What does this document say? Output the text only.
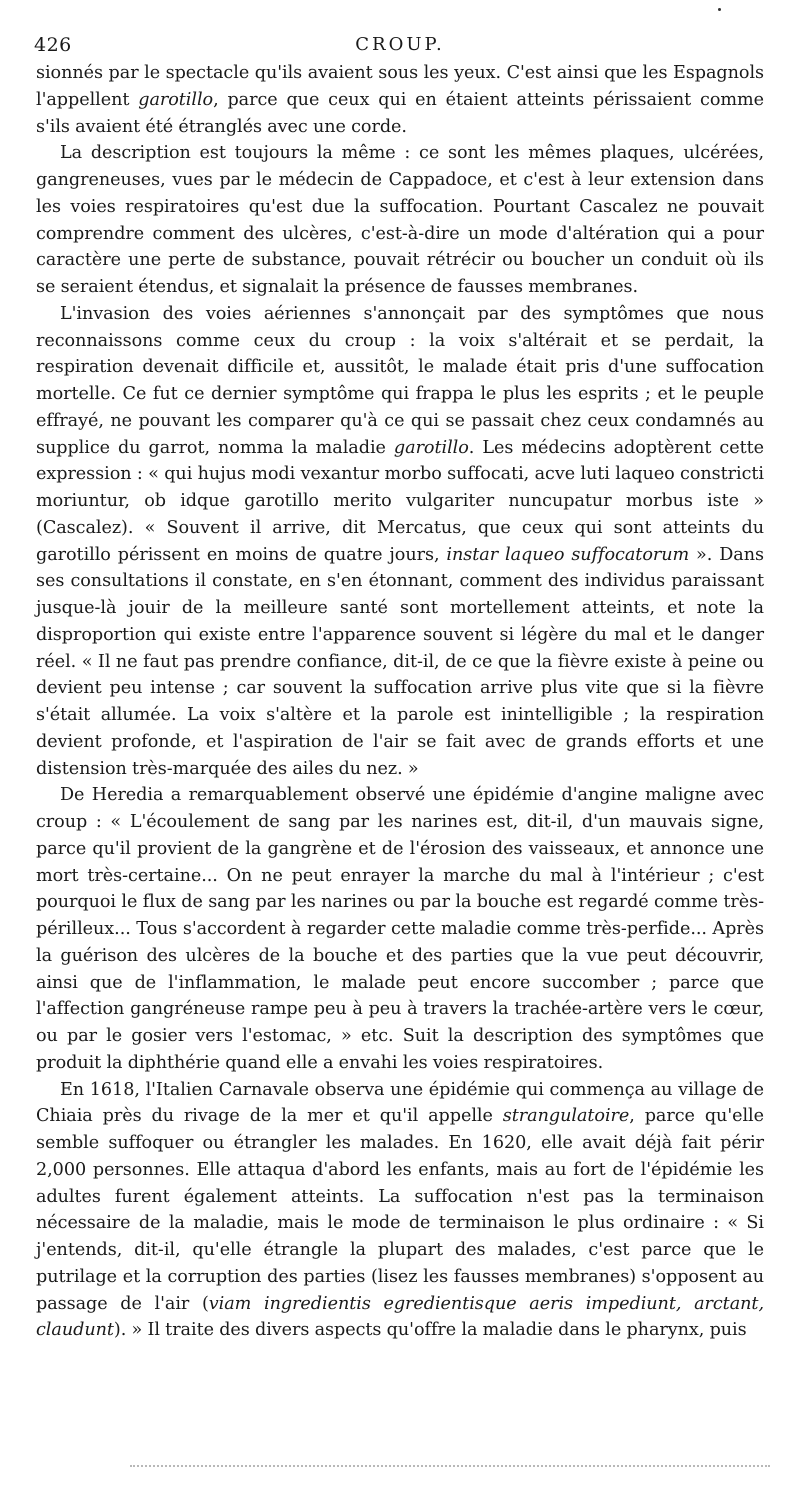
426	CROUP.

sionnés par le spectacle qu'ils avaient sous les yeux. C'est ainsi que les Espagnols l'appellent garotillo, parce que ceux qui en étaient atteints périssaient comme s'ils avaient été étranglés avec une corde.

La description est toujours la même : ce sont les mêmes plaques, ulcérées, gangreneuses, vues par le médecin de Cappadoce, et c'est à leur extension dans les voies respiratoires qu'est due la suffocation. Pourtant Cascalez ne pouvait comprendre comment des ulcères, c'est-à-dire un mode d'altération qui a pour caractère une perte de substance, pouvait rétrécir ou boucher un conduit où ils se seraient étendus, et signalait la présence de fausses membranes.

L'invasion des voies aériennes s'annonçait par des symptômes que nous reconnaissons comme ceux du croup : la voix s'altérait et se perdait, la respiration devenait difficile et, aussitôt, le malade était pris d'une suffocation mortelle. Ce fut ce dernier symptôme qui frappa le plus les esprits ; et le peuple effrayé, ne pouvant les comparer qu'à ce qui se passait chez ceux condamnés au supplice du garrot, nomma la maladie garotillo. Les médecins adoptèrent cette expression : « qui hujus modi vexantur morbo suffocati, acve luti laqueo constricti moriuntur, ob idque garotillo merito vulgariter nuncupatur morbus iste » (Cascalez). « Souvent il arrive, dit Mercatus, que ceux qui sont atteints du garotillo périssent en moins de quatre jours, instar laqueo suffocatorum ». Dans ses consultations il constate, en s'en étonnant, comment des individus paraissant jusque-là jouir de la meilleure santé sont mortellement atteints, et note la disproportion qui existe entre l'apparence souvent si légère du mal et le danger réel. « Il ne faut pas prendre confiance, dit-il, de ce que la fièvre existe à peine ou devient peu intense ; car souvent la suffocation arrive plus vite que si la fièvre s'était allumée. La voix s'altère et la parole est inintelligible ; la respiration devient profonde, et l'aspiration de l'air se fait avec de grands efforts et une distension très-marquée des ailes du nez. »

De Heredia a remarquablement observé une épidémie d'angine maligne avec croup : « L'écoulement de sang par les narines est, dit-il, d'un mauvais signe, parce qu'il provient de la gangrène et de l'érosion des vaisseaux, et annonce une mort très-certaine... On ne peut enrayer la marche du mal à l'intérieur ; c'est pourquoi le flux de sang par les narines ou par la bouche est regardé comme très-périlleux... Tous s'accordent à regarder cette maladie comme très-perfide... Après la guérison des ulcères de la bouche et des parties que la vue peut découvrir, ainsi que de l'inflammation, le malade peut encore succomber ; parce que l'affection gangréneuse rampe peu à peu à travers la trachée-artère vers le cœur, ou par le gosier vers l'estomac, » etc. Suit la description des symptômes que produit la diphthérie quand elle a envahi les voies respiratoires.

En 1618, l'Italien Carnavale observa une épidémie qui commença au village de Chiaia près du rivage de la mer et qu'il appelle strangulatoire, parce qu'elle semble suffoquer ou étrangler les malades. En 1620, elle avait déjà fait périr 2,000 personnes. Elle attaqua d'abord les enfants, mais au fort de l'épidémie les adultes furent également atteints. La suffocation n'est pas la terminaison nécessaire de la maladie, mais le mode de terminaison le plus ordinaire : « Si j'entends, dit-il, qu'elle étrangle la plupart des malades, c'est parce que le putrilage et la corruption des parties (lisez les fausses membranes) s'opposent au passage de l'air (viam ingredientis egredientisque aeris impediunt, arctant, claudunt). » Il traite des divers aspects qu'offre la maladie dans le pharynx, puis
